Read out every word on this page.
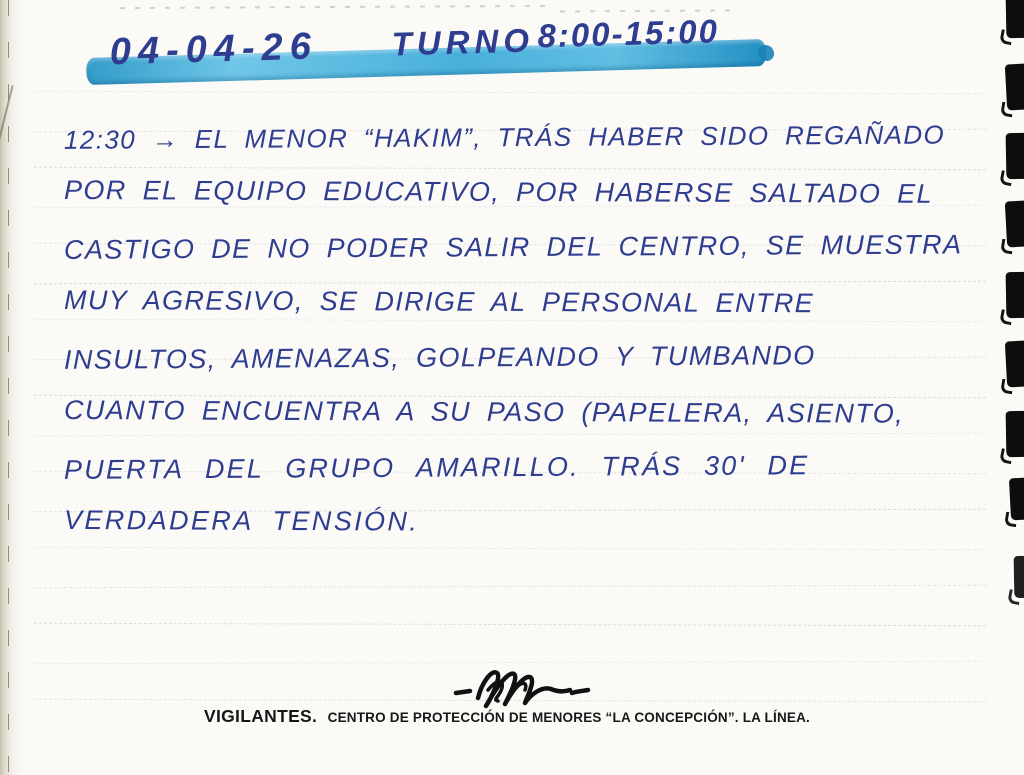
04-04-26 TURNO 8:00-15:00
12:30 → EL MENOR “HAKIM”, TRÁS HABER SIDO REGAÑADO
POR EL EQUIPO EDUCATIVO, POR HABERSE SALTADO EL
CASTIGO DE NO PODER SALIR DEL CENTRO, SE MUESTRA
MUY AGRESIVO, SE DIRIGE AL PERSONAL ENTRE
INSULTOS, AMENAZAS, GOLPEANDO Y TUMBANDO
CUANTO ENCUENTRA A SU PASO (PAPELERA, ASIENTO,
PUERTA DEL GRUPO AMARILLO. TRÁS 30' DE
VERDADERA TENSIÓN.
VIGILANTES. CENTRO DE PROTECCIÓN DE MENORES “LA CONCEPCIÓN”. LA LÍNEA.
